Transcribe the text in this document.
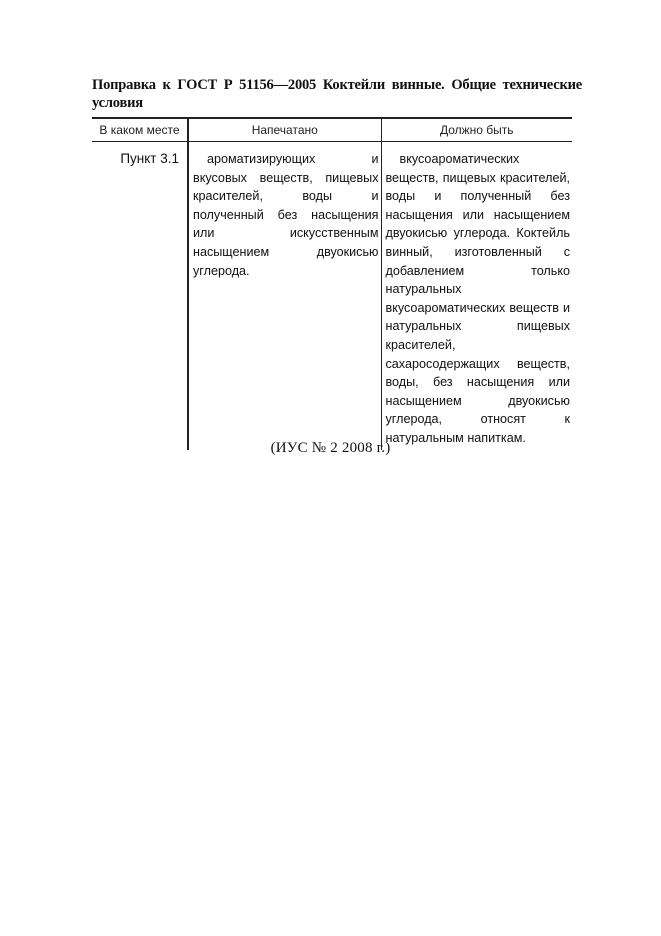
Поправка к ГОСТ Р 51156—2005 Коктейли винные. Общие технические условия
В каком месте	Напечатано	Должно быть
Пункт 3.1	ароматизирующих и вкусовых веществ, пищевых красителей, воды и полученный без насыщения или искусственным насыщением двуокисью углерода.	вкусоароматических веществ, пищевых красителей, воды и полученный без насыщения или насыщением двуокисью углерода. Коктейль винный, изготовленный с добавлением только натуральных вкусоароматических веществ и натуральных пищевых красителей, сахаросодержащих веществ, воды, без насыщения или насыщением двуокисью углерода, относят к натуральным напиткам.
(ИУС № 2 2008 г.)
